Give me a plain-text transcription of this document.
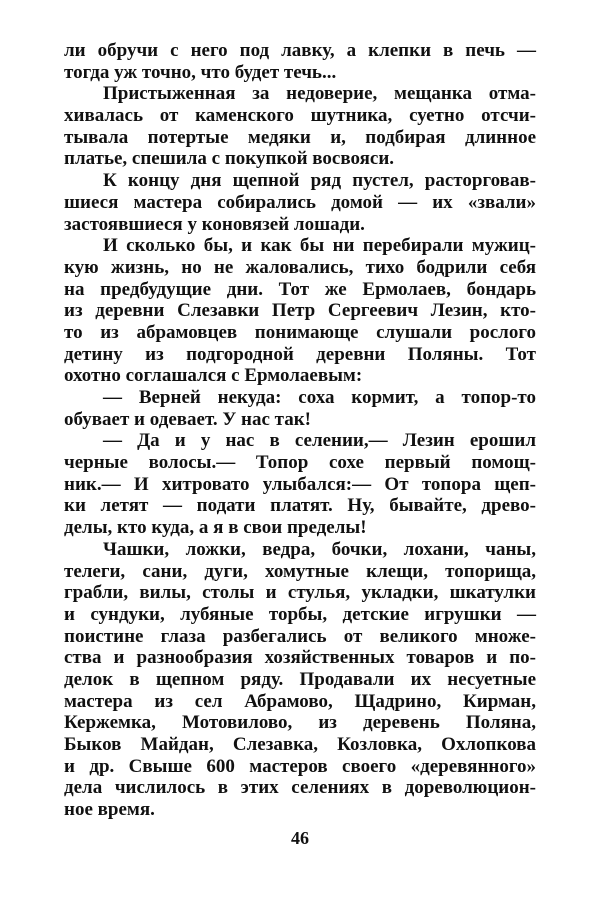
ли обручи с него под лавку, а клепки в печь —
тогда уж точно, что будет течь...
Пристыженная за недоверие, мещанка отма-
хивалась от каменского шутника, суетно отсчи-
тывала потертые медяки и, подбирая длинное
платье, спешила с покупкой восвояси.
К концу дня щепной ряд пустел, расторговав-
шиеся мастера собирались домой — их «звали»
застоявшиеся у коновязей лошади.
И сколько бы, и как бы ни перебирали мужиц-
кую жизнь, но не жаловались, тихо бодрили себя
на предбудущие дни. Тот же Ермолаев, бондарь
из деревни Слезавки Петр Сергеевич Лезин, кто-
то из абрамовцев понимающе слушали рослого
детину из подгородной деревни Поляны. Тот
охотно соглашался с Ермолаевым:
— Верней некуда: соха кормит, а топор-то
обувает и одевает. У нас так!
— Да и у нас в селении,— Лезин ерошил
черные волосы.— Топор сохе первый помощ-
ник.— И хитровато улыбался:— От топора щеп-
ки летят — подати платят. Ну, бывайте, древо-
делы, кто куда, а я в свои пределы!
Чашки, ложки, ведра, бочки, лохани, чаны,
телеги, сани, дуги, хомутные клещи, топорища,
грабли, вилы, столы и стулья, укладки, шкатулки
и сундуки, лубяные торбы, детские игрушки —
поистине глаза разбегались от великого множе-
ства и разнообразия хозяйственных товаров и по-
делок в щепном ряду. Продавали их несуетные
мастера из сел Абрамово, Щадрино, Кирман,
Кержемка, Мотовилово, из деревень Поляна,
Быков Майдан, Слезавка, Козловка, Охлопкова
и др. Свыше 600 мастеров своего «деревянного»
дела числилось в этих селениях в дореволюцион-
ное время.
46
